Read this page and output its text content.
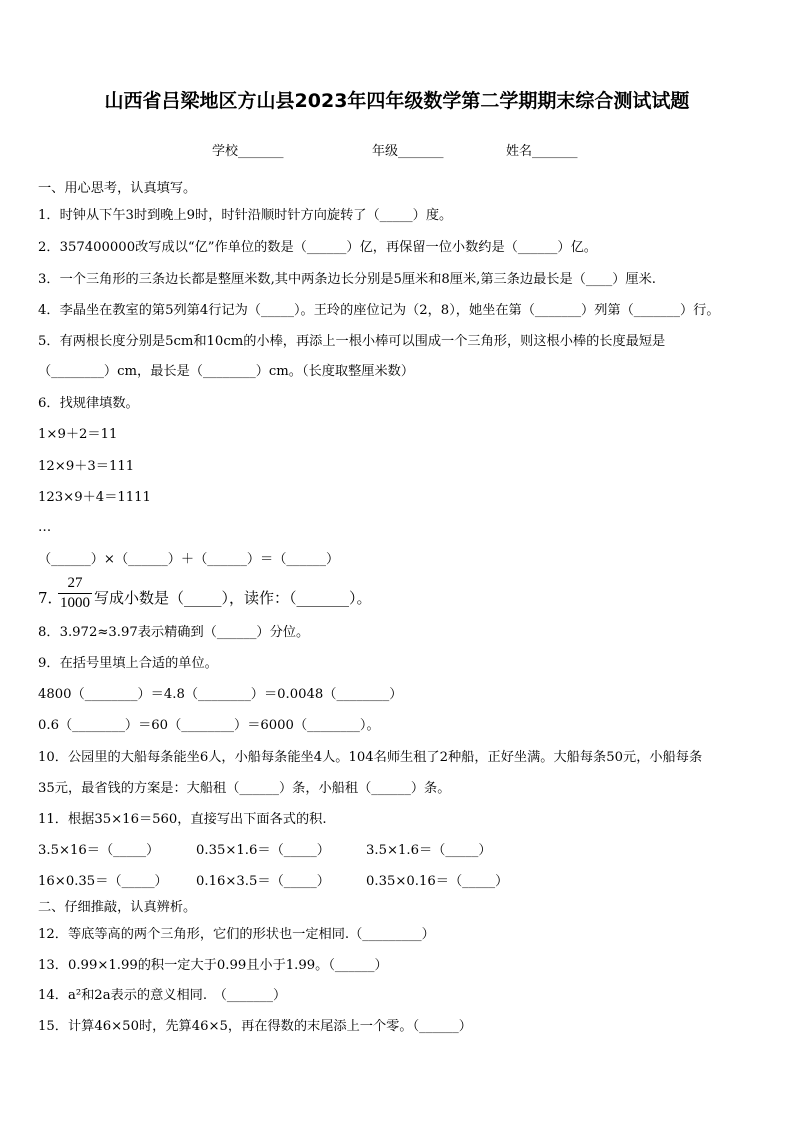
山西省吕梁地区方山县2023年四年级数学第二学期期末综合测试试题
学校_______	年级_______	姓名_______
一、用心思考，认真填写。
1．时钟从下午3时到晚上9时，时针沿顺时针方向旋转了（_____）度。
2．357400000改写成以“亿”作单位的数是（______）亿，再保留一位小数约是（______）亿。
3．一个三角形的三条边长都是整厘米数,其中两条边长分别是5厘米和8厘米,第三条边最长是（____）厘米.
4．李晶坐在教室的第5列第4行记为（_____）。王玲的座位记为（2，8），她坐在第（_______）列第（_______）行。
5．有两根长度分别是5cm和10cm的小棒，再添上一根小棒可以围成一个三角形，则这根小棒的长度最短是
（________）cm，最长是（________）cm。（长度取整厘米数）
6．找规律填数。
1×9＋2＝11
12×9＋3＝111
123×9＋4＝1111
…
（______）×（______）＋（______）＝（______）
7．
27
1000 写成小数是（_____），读作：（_______）。
8．3.972≈3.97表示精确到（______）分位。
9．在括号里填上合适的单位。
4800（________）＝4.8（________）＝0.0048（________）
0.6（________）＝60（________）＝6000（________）。
10．公园里的大船每条能坐6人，小船每条能坐4人。104名师生租了2种船，正好坐满。大船每条50元，小船每条
35元，最省钱的方案是：大船租（______）条，小船租（______）条。
11．根据35×16＝560，直接写出下面各式的积.
3.5×16＝（_____）	0.35×1.6＝（_____）	3.5×1.6＝（_____）
16×0.35＝（_____） 0.16×3.5＝（_____）	0.35×0.16＝（_____）
二、仔细推敲，认真辨析。
12．等底等高的两个三角形，它们的形状也一定相同.（_________）
13．0.99×1.99的积一定大于0.99且小于1.99。（______）
14．a²和2a表示的意义相同.　（_______）
15．计算46×50时，先算46×5，再在得数的末尾添上一个零。（______）
